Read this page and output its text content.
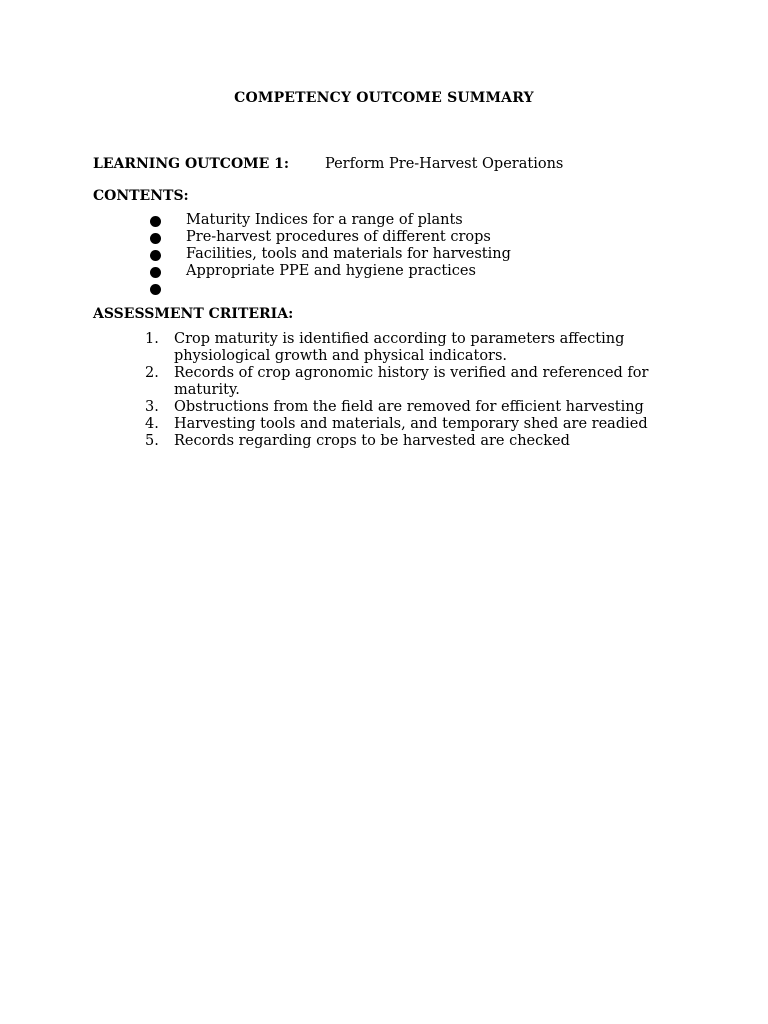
COMPETENCY OUTCOME SUMMARY
LEARNING OUTCOME 1: Perform Pre-Harvest Operations
CONTENTS:
Maturity Indices for a range of plants
Pre-harvest procedures of different crops
Facilities, tools and materials for harvesting
Appropriate PPE and hygiene practices
ASSESSMENT CRITERIA:
1. Crop maturity is identified according to parameters affecting physiological growth and physical indicators.
2. Records of crop agronomic history is verified and referenced for maturity.
3. Obstructions from the field are removed for efficient harvesting
4. Harvesting tools and materials, and temporary shed are readied
5. Records regarding crops to be harvested are checked
